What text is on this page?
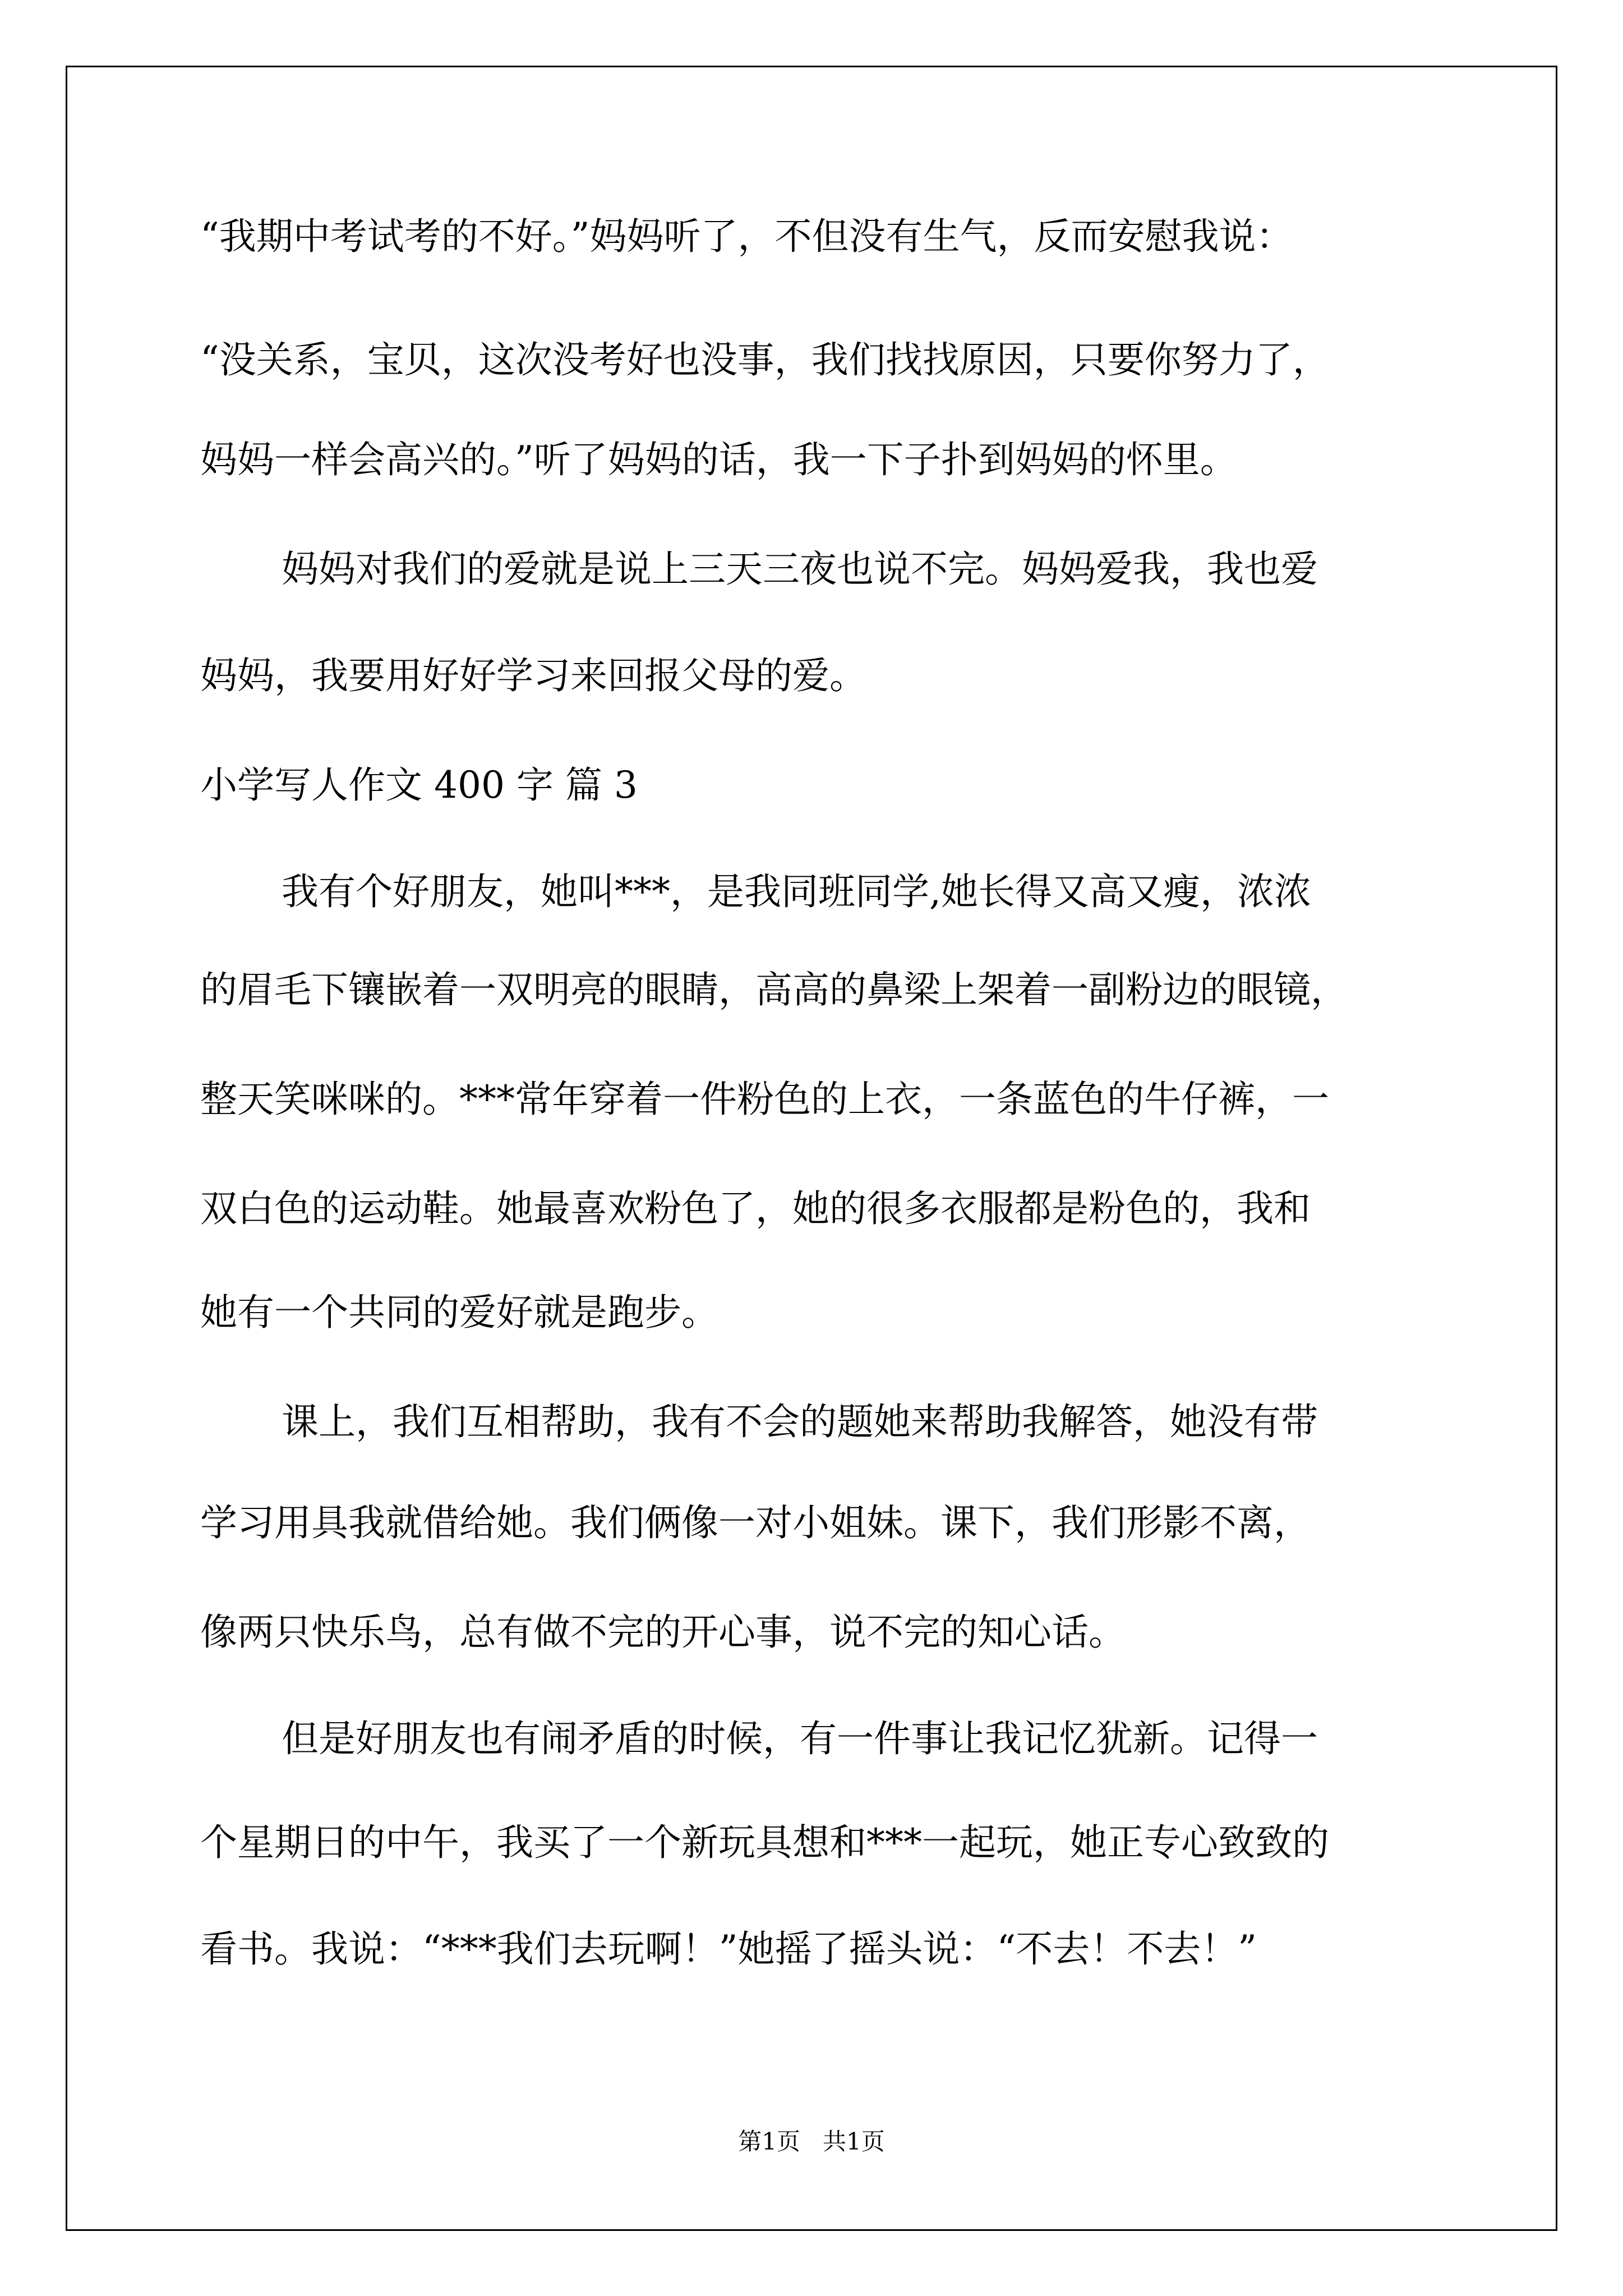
“我期中考试考的不好。”妈妈听了，不但没有生气，反而安慰我说：

“没关系，宝贝，这次没考好也没事，我们找找原因，只要你努力了，

妈妈一样会高兴的。”听了妈妈的话，我一下子扑到妈妈的怀里。

妈妈对我们的爱就是说上三天三夜也说不完。妈妈爱我，我也爱

妈妈，我要用好好学习来回报父母的爱。

小学写人作文 400 字 篇 3

我有个好朋友，她叫***，是我同班同学,她长得又高又瘦，浓浓

的眉毛下镶嵌着一双明亮的眼睛，高高的鼻梁上架着一副粉边的眼镜，

整天笑咪咪的。***常年穿着一件粉色的上衣，一条蓝色的牛仔裤，一

双白色的运动鞋。她最喜欢粉色了，她的很多衣服都是粉色的，我和

她有一个共同的爱好就是跑步。

课上，我们互相帮助，我有不会的题她来帮助我解答，她没有带

学习用具我就借给她。我们俩像一对小姐妹。课下，我们形影不离，

像两只快乐鸟，总有做不完的开心事，说不完的知心话。

但是好朋友也有闹矛盾的时候，有一件事让我记忆犹新。记得一

个星期日的中午，我买了一个新玩具想和***一起玩，她正专心致致的

看书。我说：“***我们去玩啊！”她摇了摇头说：“不去！不去！”

第1页   共1页
